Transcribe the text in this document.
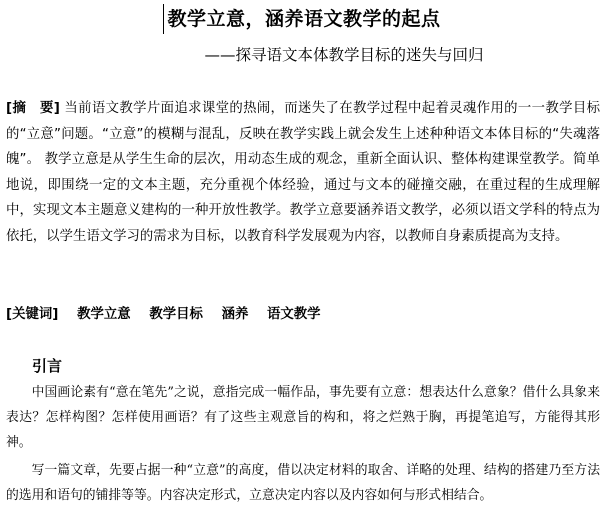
教学立意，涵养语文教学的起点
——探寻语文本体教学目标的迷失与回归
[摘　要] 当前语文教学片面追求课堂的热闹，而迷失了在教学过程中起着灵魂作用的一一教学目标的“立意”问题。“立意”的模糊与混乱，反映在教学实践上就会发生上述种种语文本体目标的“失魂落魄”。 教学立意是从学生生命的层次，用动态生成的观念，重新全面认识、整体构建课堂教学。简单地说，即围绕一定的文本主题，充分重视个体经验，通过与文本的碰撞交融，在重过程的生成理解中，实现文本主题意义建构的一种开放性教学。教学立意要涵养语文教学，必须以语文学科的特点为依托，以学生语文学习的需求为目标，以教育科学发展观为内容，以教师自身素质提高为支持。
[关键词] 教学立意 教学目标 涵养 语文教学
引言

中国画论素有“意在笔先”之说，意指完成一幅作品，事先要有立意：想表达什么意象？借什么具象来表达？怎样构图？怎样使用画语？有了这些主观意旨的构和，将之烂熟于胸，再提笔追写，方能得其形神。

写一篇文章，先要占据一种“立意”的高度，借以决定材料的取舍、详略的处理、结构的搭建乃至方法的选用和语句的铺排等等。内容决定形式，立意决定内容以及内容如何与形式相结合。
